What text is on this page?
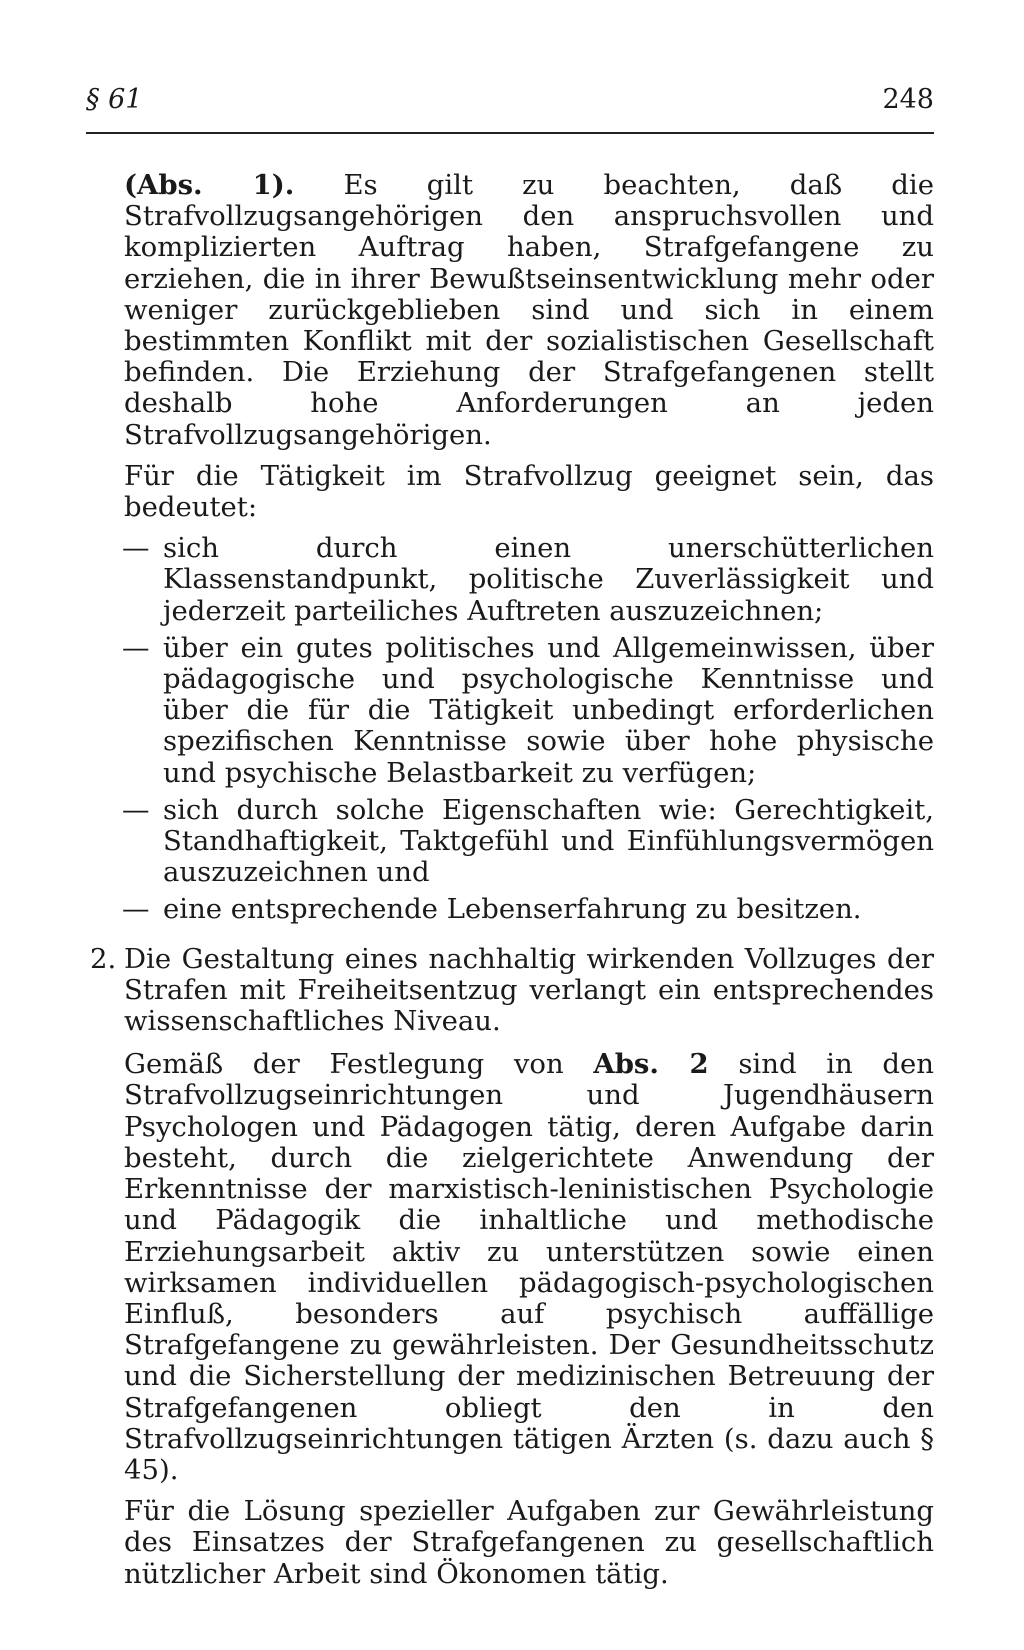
§ 61	248

(Abs. 1). Es gilt zu beachten, daß die Strafvollzugsangehörigen den anspruchsvollen und komplizierten Auftrag haben, Strafgefangene zu erziehen, die in ihrer Bewußtseinsentwicklung mehr oder weniger zurückgeblieben sind und sich in einem bestimmten Konflikt mit der sozialistischen Gesellschaft befinden. Die Erziehung der Strafgefangenen stellt deshalb hohe Anforderungen an jeden Strafvollzugsangehörigen.

Für die Tätigkeit im Strafvollzug geeignet sein, das bedeutet:

— sich durch einen unerschütterlichen Klassenstandpunkt, politische Zuverlässigkeit und jederzeit parteiliches Auftreten auszuzeichnen;
— über ein gutes politisches und Allgemeinwissen, über pädagogische und psychologische Kenntnisse und über die für die Tätigkeit unbedingt erforderlichen spezifischen Kenntnisse sowie über hohe physische und psychische Belastbarkeit zu verfügen;
— sich durch solche Eigenschaften wie: Gerechtigkeit, Standhaftigkeit, Taktgefühl und Einfühlungsvermögen auszuzeichnen und
— eine entsprechende Lebenserfahrung zu besitzen.
2. Die Gestaltung eines nachhaltig wirkenden Vollzuges der Strafen mit Freiheitsentzug verlangt ein entsprechendes wissenschaftliches Niveau.

Gemäß der Festlegung von Abs. 2 sind in den Strafvollzugseinrichtungen und Jugendhäusern Psychologen und Pädagogen tätig, deren Aufgabe darin besteht, durch die zielgerichtete Anwendung der Erkenntnisse der marxistisch-leninistischen Psychologie und Pädagogik die inhaltliche und methodische Erziehungsarbeit aktiv zu unterstützen sowie einen wirksamen individuellen pädagogisch-psychologischen Einfluß, besonders auf psychisch auffällige Strafgefangene zu gewährleisten. Der Gesundheitsschutz und die Sicherstellung der medizinischen Betreuung der Strafgefangenen obliegt den in den Strafvollzugseinrichtungen tätigen Ärzten (s. dazu auch § 45).

Für die Lösung spezieller Aufgaben zur Gewährleistung des Einsatzes der Strafgefangenen zu gesellschaftlich nützlicher Arbeit sind Ökonomen tätig.
